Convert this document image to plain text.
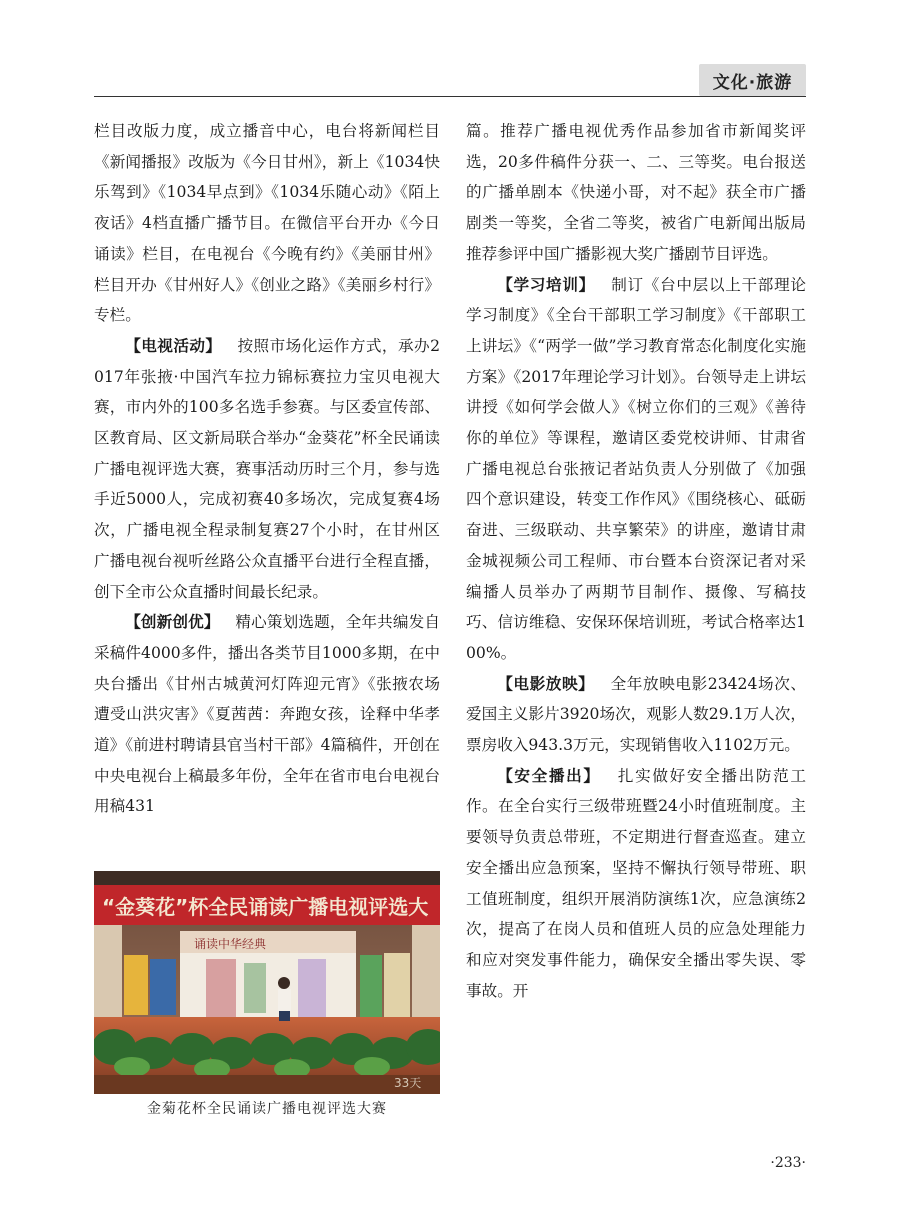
文化·旅游

栏目改版力度，成立播音中心，电台将新闻栏目《新闻播报》改版为《今日甘州》，新上《1034快乐驾到》《1034早点到》《1034乐随心动》《陌上夜话》4档直播广播节目。在微信平台开办《今日诵读》栏目，在电视台《今晚有约》《美丽甘州》栏目开办《甘州好人》《创业之路》《美丽乡村行》专栏。

【电视活动】  按照市场化运作方式，承办2017年张掖·中国汽车拉力锦标赛拉力宝贝电视大赛，市内外的100多名选手参赛。与区委宣传部、区教育局、区文新局联合举办“金葵花”杯全民诵读广播电视评选大赛，赛事活动历时三个月，参与选手近5000人，完成初赛40多场次，完成复赛4场次，广播电视全程录制复赛27个小时，在甘州区广播电视台视听丝路公众直播平台进行全程直播，创下全市公众直播时间最长纪录。

【创新创优】  精心策划选题，全年共编发自采稿件4000多件，播出各类节目1000多期，在中央台播出《甘州古城黄河灯阵迎元宵》《张掖农场遭受山洪灾害》《夏茜茜：奔跑女孩，诠释中华孝道》《前进村聘请县官当村干部》4篇稿件，开创在中央电视台上稿最多年份，全年在省市电台电视台用稿431

“金葵花”杯全民诵读广播电视评选大
诵读中华经典
33天
金菊花杯全民诵读广播电视评选大赛

篇。推荐广播电视优秀作品参加省市新闻奖评选，20多件稿件分获一、二、三等奖。电台报送的广播单剧本《快递小哥，对不起》获全市广播剧类一等奖，全省二等奖，被省广电新闻出版局推荐参评中国广播影视大奖广播剧节目评选。

【学习培训】  制订《台中层以上干部理论学习制度》《全台干部职工学习制度》《干部职工上讲坛》《“两学一做”学习教育常态化制度化实施方案》《2017年理论学习计划》。台领导走上讲坛讲授《如何学会做人》《树立你们的三观》《善待你的单位》等课程，邀请区委党校讲师、甘肃省广播电视总台张掖记者站负责人分别做了《加强四个意识建设，转变工作作风》《围绕核心、砥砺奋进、三级联动、共享繁荣》的讲座，邀请甘肃金城视频公司工程师、市台暨本台资深记者对采编播人员举办了两期节目制作、摄像、写稿技巧、信访维稳、安保环保培训班，考试合格率达100%。

【电影放映】  全年放映电影23424场次、爱国主义影片3920场次，观影人数29.1万人次，票房收入943.3万元，实现销售收入1102万元。

【安全播出】  扎实做好安全播出防范工作。在全台实行三级带班暨24小时值班制度。主要领导负责总带班，不定期进行督查巡查。建立安全播出应急预案，坚持不懈执行领导带班、职工值班制度，组织开展消防演练1次，应急演练2次，提高了在岗人员和值班人员的应急处理能力和应对突发事件能力，确保安全播出零失误、零事故。开

·233·
